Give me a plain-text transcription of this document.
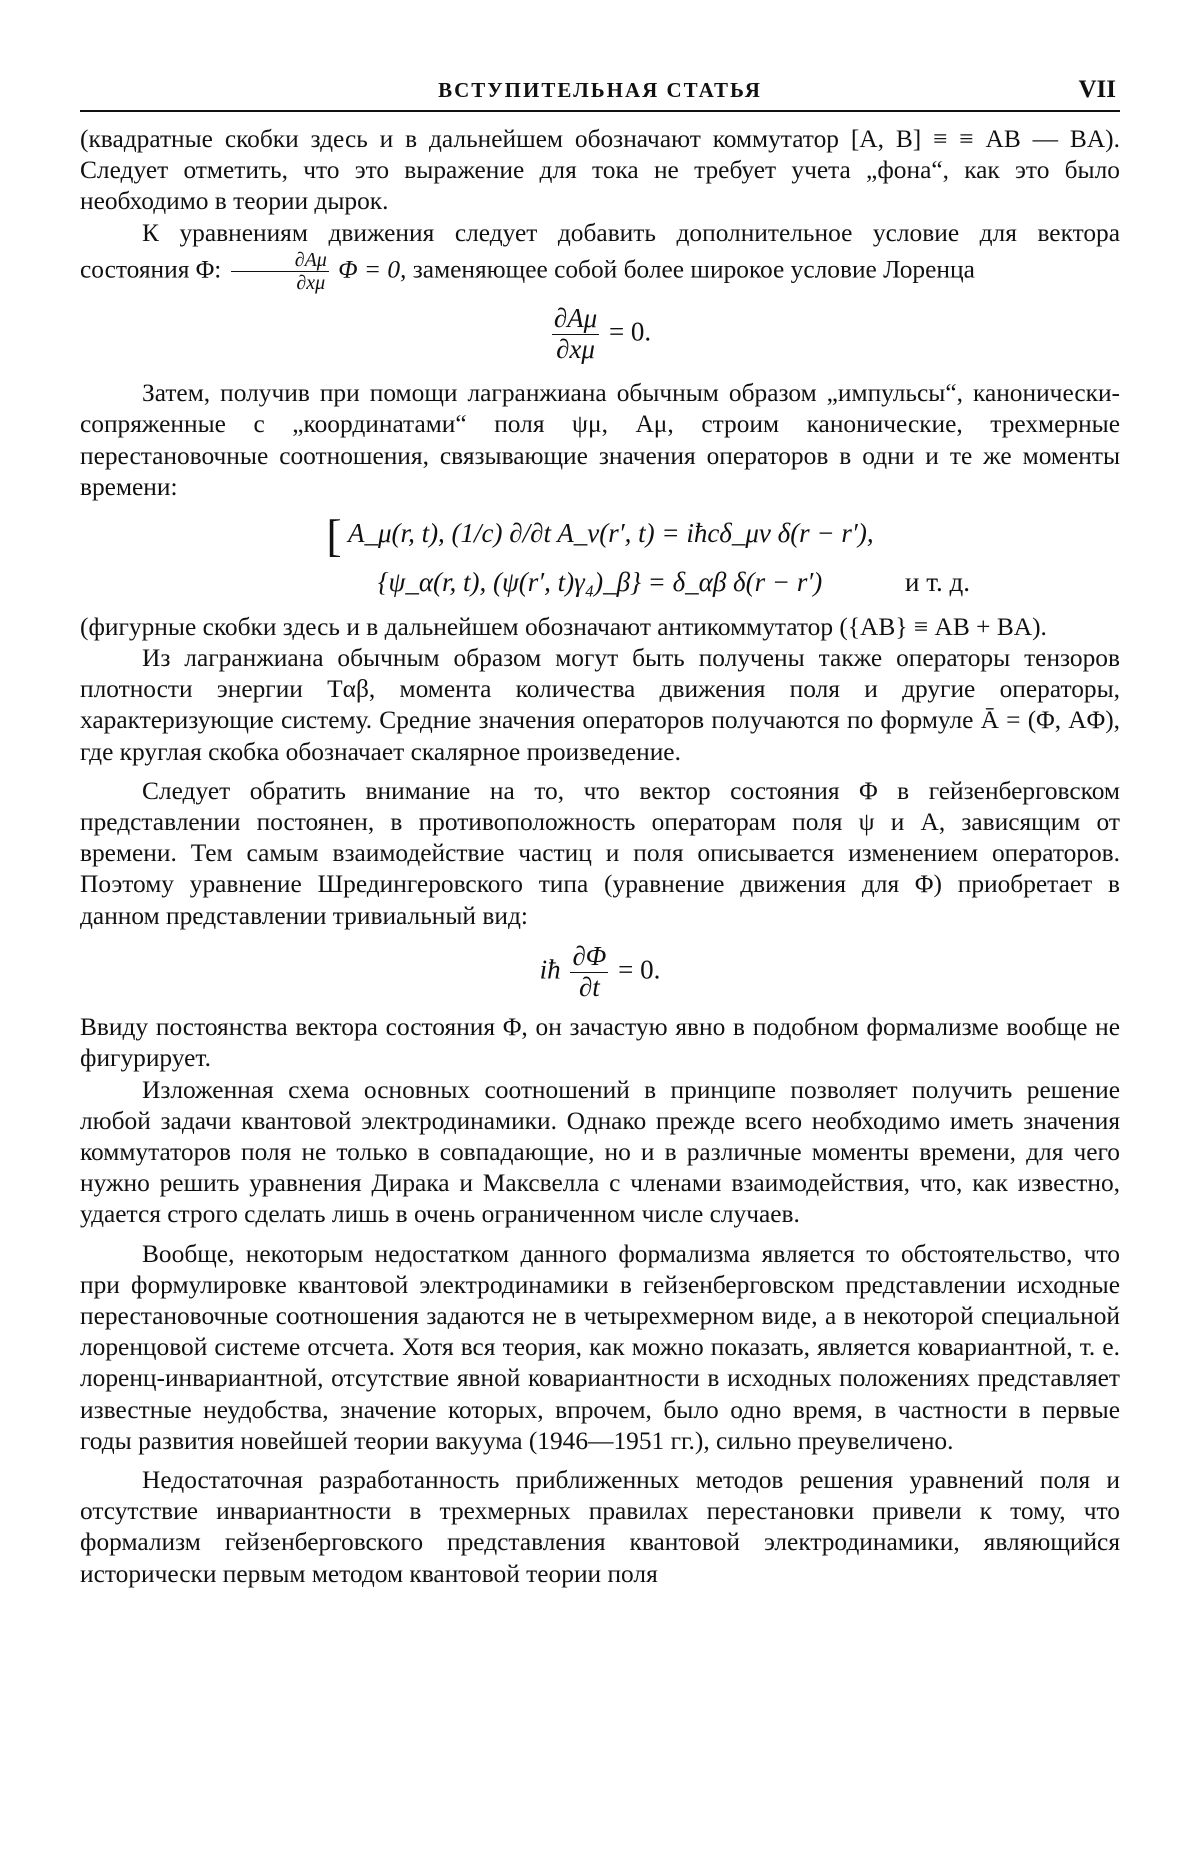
ВСТУПИТЕЛЬНАЯ СТАТЬЯ	VII

(квадратные скобки здесь и в дальнейшем обозначают коммутатор [A, B] ≡ ≡ AB — BA). Следует отметить, что это выражение для тока не требует учета „фона“, как это было необходимо в теории дырок.

К уравнениям движения следует добавить дополнительное условие для вектора состояния Φ: $\frac{\partial A\mu}{\partial x\mu}$ Φ = 0, заменяющее собой более широкое условие Лоренца

$\frac{\partial A\mu}{\partial x\mu} = 0$.

Затем, получив при помощи лагранжиана обычным образом „импульсы“, канонически-сопряженные с „координатами“ поля ψμ, Aμ, строим канонические, трехмерные перестановочные соотношения, связывающие значения операторов в одни и те же моменты времени:

[ A_μ(r, t), (1/c) ∂/∂t A_ν(r′, t) = iħcδ_μν δ(r − r′),
{ψ_α(r, t), (ψ(r′, t)γ₄)_β} = δ_αβ δ(r − r′)	и т. д.

(фигурные скобки здесь и в дальнейшем обозначают антикоммутатор ({AB} ≡ AB + BA).

Из лагранжиана обычным образом могут быть получены также операторы тензоров плотности энергии Tαβ, момента количества движения поля и другие операторы, характеризующие систему. Средние значения операторов получаются по формуле Ā = (Φ, AΦ), где круглая скобка обозначает скалярное произведение.

Следует обратить внимание на то, что вектор состояния Φ в гейзенберговском представлении постоянен, в противоположность операторам поля ψ и A, зависящим от времени. Тем самым взаимодействие частиц и поля описывается изменением операторов. Поэтому уравнение Шредингеровского типа (уравнение движения для Φ) приобретает в данном представлении тривиальный вид:

iħ $\frac{\partial\Phi}{\partial t} = 0$.

Ввиду постоянства вектора состояния Φ, он зачастую явно в подобном формализме вообще не фигурирует.

Изложенная схема основных соотношений в принципе позволяет получить решение любой задачи квантовой электродинамики. Однако прежде всего необходимо иметь значения коммутаторов поля не только в совпадающие, но и в различные моменты времени, для чего нужно решить уравнения Дирака и Максвелла с членами взаимодействия, что, как известно, удается строго сделать лишь в очень ограниченном числе случаев.

Вообще, некоторым недостатком данного формализма является то обстоятельство, что при формулировке квантовой электродинамики в гейзенберговском представлении исходные перестановочные соотношения задаются не в четырехмерном виде, а в некоторой специальной лоренцовой системе отсчета. Хотя вся теория, как можно показать, является ковариантной, т. е. лоренц-инвариантной, отсутствие явной ковариантности в исходных положениях представляет известные неудобства, значение которых, впрочем, было одно время, в частности в первые годы развития новейшей теории вакуума (1946—1951 гг.), сильно преувеличено.

Недостаточная разработанность приближенных методов решения уравнений поля и отсутствие инвариантности в трехмерных правилах перестановки привели к тому, что формализм гейзенберговского представления квантовой электродинамики, являющийся исторически первым методом квантовой теории поля
